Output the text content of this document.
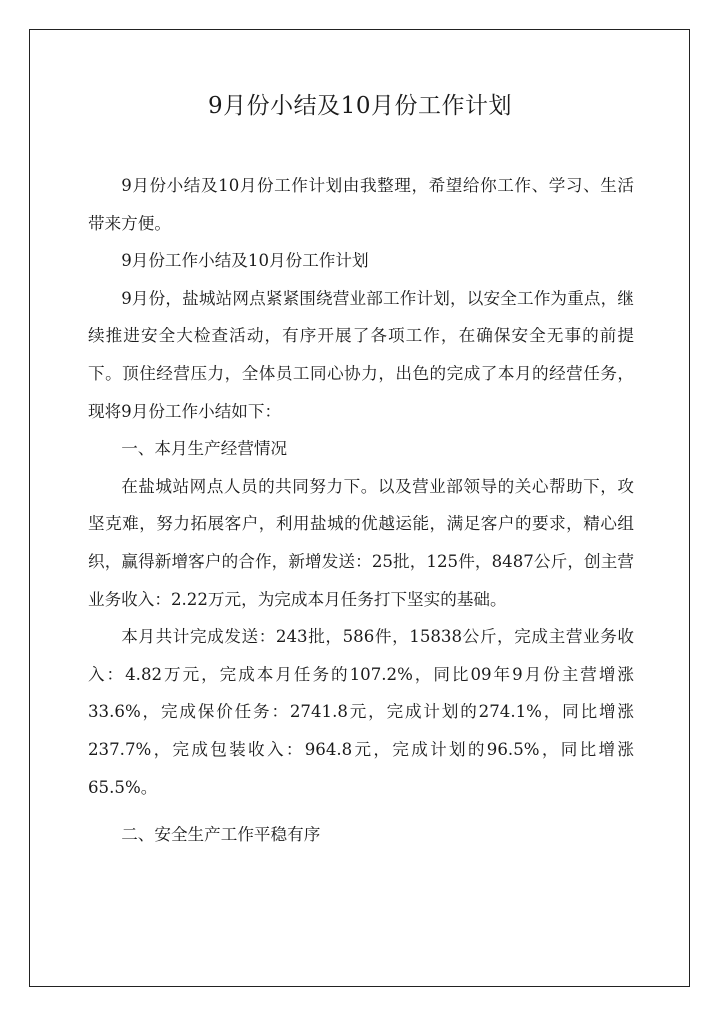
9月份小结及10月份工作计划

9月份小结及10月份工作计划由我整理，希望给你工作、学习、生活带来方便。

9月份工作小结及10月份工作计划

9月份，盐城站网点紧紧围绕营业部工作计划，以安全工作为重点，继续推进安全大检查活动，有序开展了各项工作，在确保安全无事的前提下。顶住经营压力，全体员工同心协力，出色的完成了本月的经营任务，现将9月份工作小结如下：

一、本月生产经营情况

在盐城站网点人员的共同努力下。以及营业部领导的关心帮助下，攻坚克难，努力拓展客户，利用盐城的优越运能，满足客户的要求，精心组织，赢得新增客户的合作，新增发送：25批，125件，8487公斤，创主营业务收入：2.22万元，为完成本月任务打下坚实的基础。

本月共计完成发送：243批，586件，15838公斤，完成主营业务收入：4.82万元，完成本月任务的107.2%，同比09年9月份主营增涨33.6%，完成保价任务：2741.8元，完成计划的274.1%，同比增涨237.7%，完成包装收入：964.8元，完成计划的96.5%，同比增涨65.5%。

二、安全生产工作平稳有序
